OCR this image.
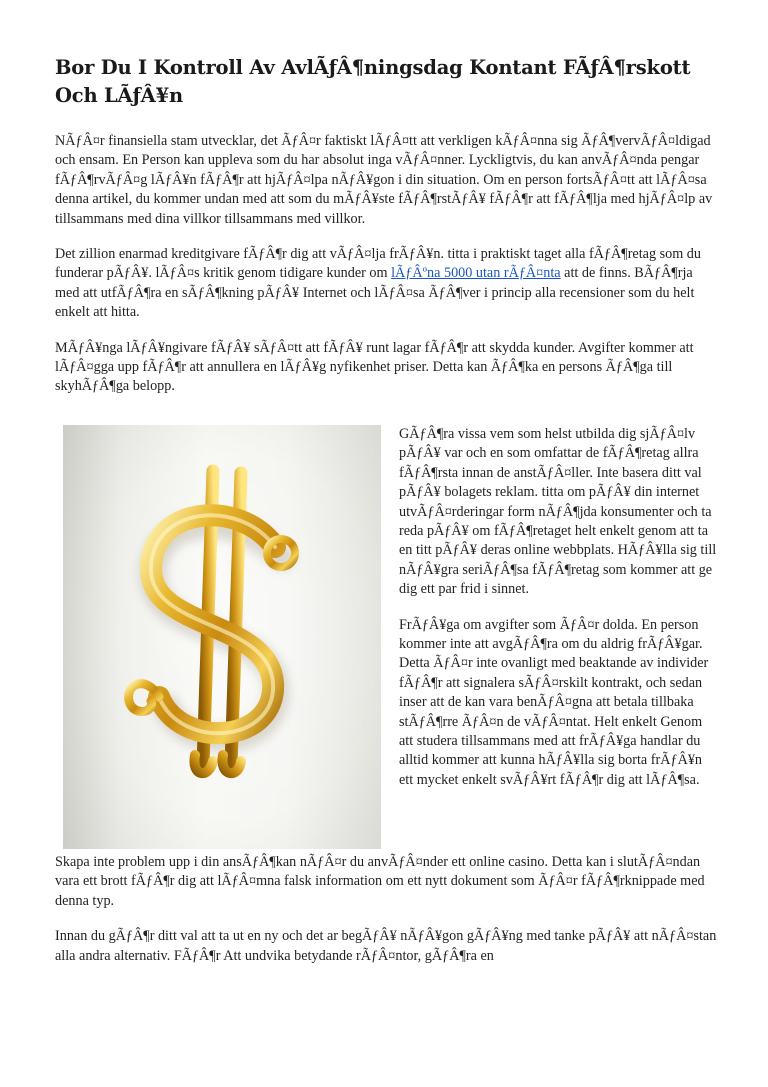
Bor Du I Kontroll Av AvlÃƒÂ¶ningsdag Kontant FÃƒÂ¶rskott Och LÃƒÂ¥n

NÃƒÂ¤r finansiella stam utvecklar, det ÃƒÂ¤r faktiskt lÃƒÂ¤tt att verkligen kÃƒÂ¤nna sig ÃƒÂ¶vervÃƒÂ¤ldigad och ensam. En Person kan uppleva som du har absolut inga vÃƒÂ¤nner. Lyckligtvis, du kan anvÃƒÂ¤nda pengar fÃƒÂ¶rvÃƒÂ¤g lÃƒÂ¥n fÃƒÂ¶r att hjÃƒÂ¤lpa nÃƒÂ¥gon i din situation. Om en person fortsÃƒÂ¤tt att lÃƒÂ¤sa denna artikel, du kommer undan med att som du mÃƒÂ¥ste fÃƒÂ¶rstÃƒÂ¥ fÃƒÂ¶r att fÃƒÂ¶lja med hjÃƒÂ¤lp av tillsammans med dina villkor tillsammans med villkor.

Det zillion enarmad kreditgivare fÃƒÂ¶r dig att vÃƒÂ¤lja frÃƒÂ¥n. titta i praktiskt taget alla fÃƒÂ¶retag som du funderar pÃƒÂ¥. lÃƒÂ¤s kritik genom tidigare kunder om lÃƒÂºna 5000 utan rÃƒÂ¤nta att de finns. BÃƒÂ¶rja med att utfÃƒÂ¶ra en sÃƒÂ¶kning pÃƒÂ¥ Internet och lÃƒÂ¤sa ÃƒÂ¶ver i princip alla recensioner som du helt enkelt att hitta.

MÃƒÂ¥nga lÃƒÂ¥ngivare fÃƒÂ¥ sÃƒÂ¤tt att fÃƒÂ¥ runt lagar fÃƒÂ¶r att skydda kunder. Avgifter kommer att lÃƒÂ¤gga upp fÃƒÂ¶r att annullera en lÃƒÂ¥g nyfikenhet priser. Detta kan ÃƒÂ¶ka en persons ÃƒÂ¶ga till skyhÃƒÂ¶ga belopp.

GÃƒÂ¶ra vissa vem som helst utbilda dig sjÃƒÂ¤lv pÃƒÂ¥ var och en som omfattar de fÃƒÂ¶retag allra fÃƒÂ¶rsta innan de anstÃƒÂ¤ller. Inte basera ditt val pÃƒÂ¥ bolagets reklam. titta om pÃƒÂ¥ din internet utvÃƒÂ¤rderingar form nÃƒÂ¶jda konsumenter och ta reda pÃƒÂ¥ om fÃƒÂ¶retaget helt enkelt genom att ta en titt pÃƒÂ¥ deras online webbplats. HÃƒÂ¥lla sig till nÃƒÂ¥gra seriÃƒÂ¶sa fÃƒÂ¶retag som kommer att ge dig ett par frid i sinnet.

FrÃƒÂ¥ga om avgifter som ÃƒÂ¤r dolda. En person kommer inte att avgÃƒÂ¶ra om du aldrig frÃƒÂ¥gar. Detta ÃƒÂ¤r inte ovanligt med beaktande av individer fÃƒÂ¶r att signalera sÃƒÂ¤rskilt kontrakt, och sedan inser att de kan vara benÃƒÂ¤gna att betala tillbaka stÃƒÂ¶rre ÃƒÂ¤n de vÃƒÂ¤ntat. Helt enkelt Genom att studera tillsammans med att frÃƒÂ¥ga handlar du alltid kommer att kunna hÃƒÂ¥lla sig borta frÃƒÂ¥n ett mycket enkelt svÃƒÂ¥rt fÃƒÂ¶r dig att lÃƒÂ¶sa.

Skapa inte problem upp i din ansÃƒÂ¶kan nÃƒÂ¤r du anvÃƒÂ¤nder ett online casino. Detta kan i slutÃƒÂ¤ndan vara ett brott fÃƒÂ¶r dig att lÃƒÂ¤mna falsk information om ett nytt dokument som ÃƒÂ¤r fÃƒÂ¶rknippade med denna typ.

Innan du gÃƒÂ¶r ditt val att ta ut en ny och det ar begÃƒÂ¥ nÃƒÂ¥gon gÃƒÂ¥ng med tanke pÃƒÂ¥ att nÃƒÂ¤stan alla andra alternativ. FÃƒÂ¶r Att undvika betydande rÃƒÂ¤ntor, gÃƒÂ¶ra en
